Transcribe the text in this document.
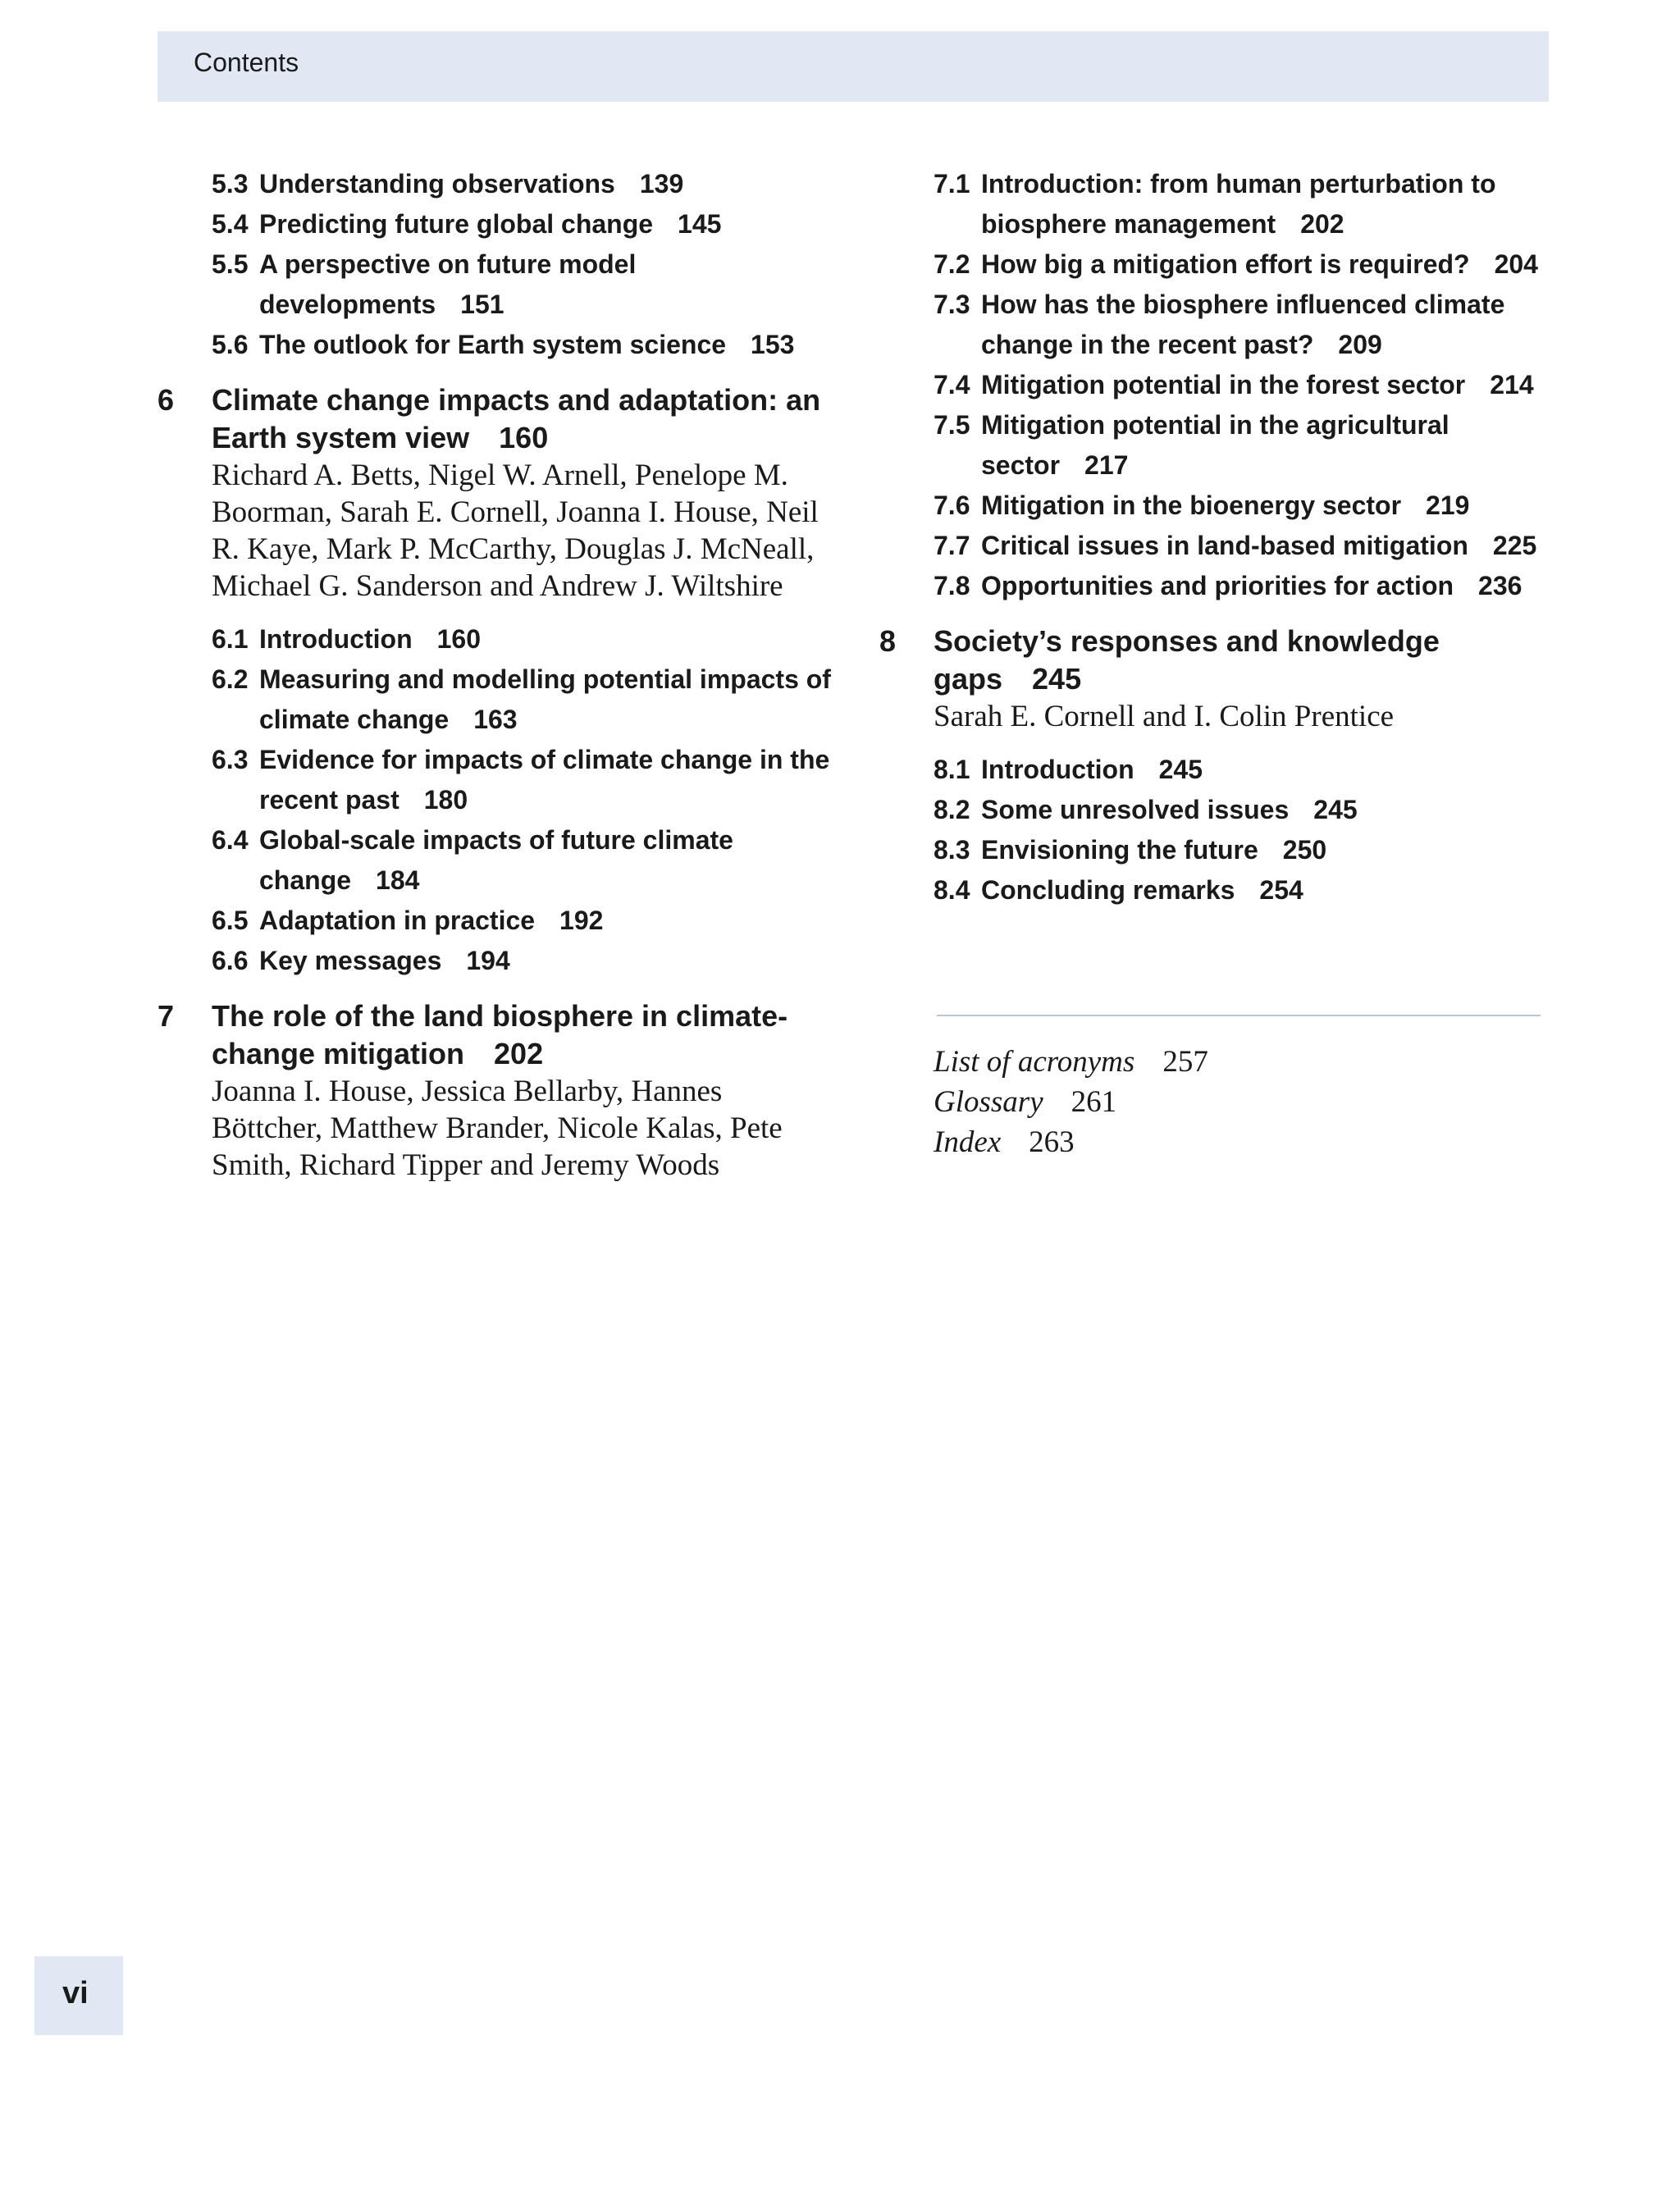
Contents
5.3 Understanding observations 139
5.4 Predicting future global change 145
5.5 A perspective on future model
developments 151
5.6 The outlook for Earth system science 153
6 Climate change impacts and adaptation: an
Earth system view 160
Richard A. Betts, Nigel W. Arnell, Penelope M.
Boorman, Sarah E. Cornell, Joanna I. House, Neil
R. Kaye, Mark P. McCarthy, Douglas J. McNeall,
Michael G. Sanderson and Andrew J. Wiltshire
6.1 Introduction 160
6.2 Measuring and modelling potential impacts of
climate change 163
6.3 Evidence for impacts of climate change in the
recent past 180
6.4 Global-scale impacts of future climate
change 184
6.5 Adaptation in practice 192
6.6 Key messages 194
7 The role of the land biosphere in climate-
change mitigation 202
Joanna I. House, Jessica Bellarby, Hannes
Böttcher, Matthew Brander, Nicole Kalas, Pete
Smith, Richard Tipper and Jeremy Woods
7.1 Introduction: from human perturbation to
biosphere management 202
7.2 How big a mitigation effort is required? 204
7.3 How has the biosphere influenced climate
change in the recent past? 209
7.4 Mitigation potential in the forest sector 214
7.5 Mitigation potential in the agricultural
sector 217
7.6 Mitigation in the bioenergy sector 219
7.7 Critical issues in land-based mitigation 225
7.8 Opportunities and priorities for action 236
8 Society’s responses and knowledge
gaps 245
Sarah E. Cornell and I. Colin Prentice
8.1 Introduction 245
8.2 Some unresolved issues 245
8.3 Envisioning the future 250
8.4 Concluding remarks 254
List of acronyms 257
Glossary 261
Index 263
vi
